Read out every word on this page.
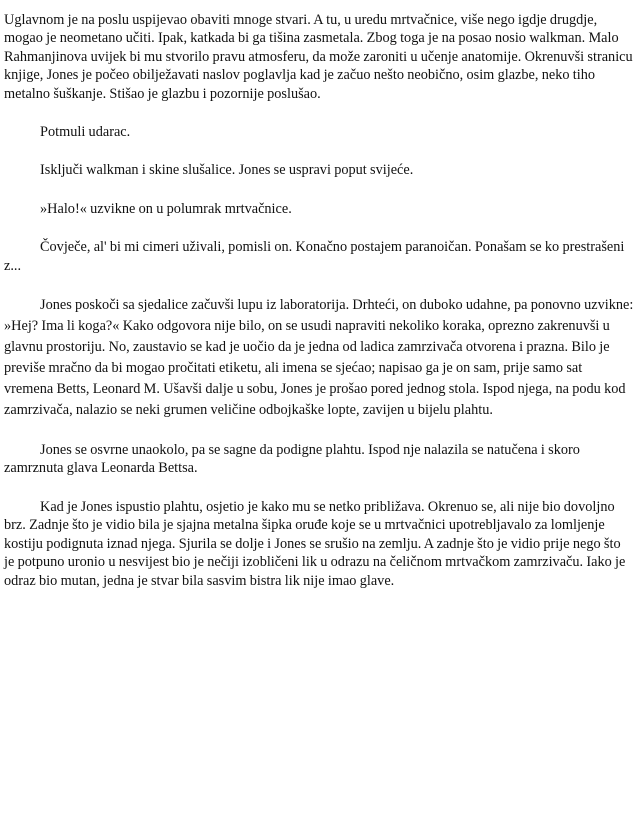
Uglavnom je na poslu uspijevao obaviti mnoge stvari. A tu, u uredu mrtvačnice, više nego igdje drugdje, mogao je neometano učiti. Ipak, katkada bi ga tišina zasmetala. Zbog toga je na posao nosio walkman. Malo Rahmanjinova uvijek bi mu stvorilo pravu atmosferu, da može zaroniti u učenje anatomije. Okrenuvši stranicu knjige, Jones je počeo obilježavati naslov poglavlja kad je začuo nešto neobično, osim glazbe, neko tiho metalno šuškanje. Stišao je glazbu i pozornije poslušao.

Potmuli udarac.

Isključi walkman i skine slušalice. Jones se uspravi poput svijeće.

»Halo!« uzvikne on u polumrak mrtvačnice.

Čovječe, al' bi mi cimeri uživali, pomisli on. Konačno postajem paranoičan. Ponašam se ko prestrašeni z...

Jones poskoči sa sjedalice začuvši lupu iz laboratorija. Drhteći, on duboko udahne, pa ponovno uzvikne: »Hej? Ima li koga?« Kako odgovora nije bilo, on se usudi napraviti nekoliko koraka, oprezno zakrenuvši u glavnu prostoriju. No, zaustavio se kad je uočio da je jedna od ladica zamrzivača otvorena i prazna. Bilo je previše mračno da bi mogao pročitati etiketu, ali imena se sjećao; napisao ga je on sam, prije samo sat vremena Betts, Leonard M. Ušavši dalje u sobu, Jones je prošao pored jednog stola. Ispod njega, na podu kod zamrzivača, nalazio se neki grumen veličine odbojkaške lopte, zavijen u bijelu plahtu.

Jones se osvrne unaokolo, pa se sagne da podigne plahtu. Ispod nje nalazila se natučena i skoro zamrznuta glava Leonarda Bettsa.

Kad je Jones ispustio plahtu, osjetio je kako mu se netko približava. Okrenuo se, ali nije bio dovoljno brz. Zadnje što je vidio bila je sjajna metalna šipka oruđe koje se u mrtvačnici upotrebljavalo za lomljenje kostiju podignuta iznad njega. Sjurila se dolje i Jones se srušio na zemlju. A zadnje što je vidio prije nego što je potpuno uronio u nesvijest bio je nečiji izobličeni lik u odrazu na čeličnom mrtvačkom zamrzivaču. Iako je odraz bio mutan, jedna je stvar bila sasvim bistra lik nije imao glave.
